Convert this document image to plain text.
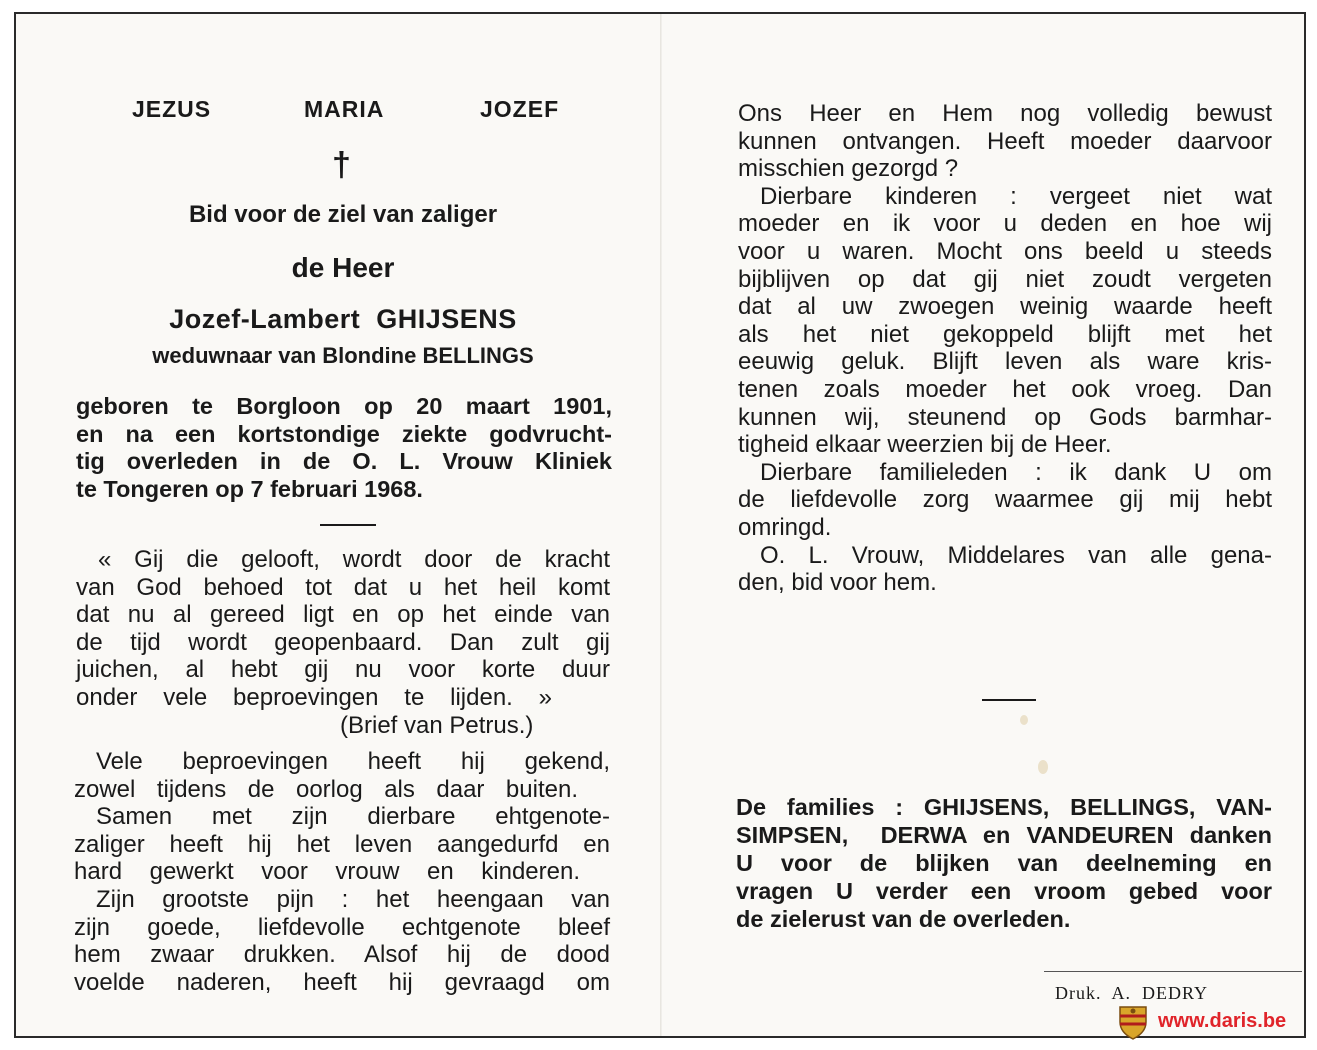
JEZUS	MARIA	JOZEF
†
Bid voor de ziel van zaliger
de Heer
Jozef-Lambert  GHIJSENS
weduwnaar van Blondine BELLINGS
geboren te Borgloon op 20 maart 1901,
en na een kortstondige ziekte godvrucht-
tig overleden in de O. L. Vrouw Kliniek
te Tongeren op 7 februari 1968.
« Gij die gelooft, wordt door de kracht
van God behoed tot dat u het heil komt
dat nu al gereed ligt en op het einde van
de tijd wordt geopenbaard. Dan zult gij
juichen, al hebt gij nu voor korte duur
onder vele beproevingen te lijden. »
(Brief van Petrus.)
Vele beproevingen heeft hij gekend,
zowel tijdens de oorlog als daar buiten.
Samen met zijn dierbare ehtgenote-
zaliger heeft hij het leven aangedurfd en
hard gewerkt voor vrouw en kinderen.
Zijn grootste pijn : het heengaan van
zijn goede, liefdevolle echtgenote bleef
hem zwaar drukken. Alsof hij de dood
voelde naderen, heeft hij gevraagd om
Ons Heer en Hem nog volledig bewust
kunnen ontvangen. Heeft moeder daarvoor
misschien gezorgd ?
Dierbare kinderen : vergeet niet wat
moeder en ik voor u deden en hoe wij
voor u waren. Mocht ons beeld u steeds
bijblijven op dat gij niet zoudt vergeten
dat al uw zwoegen weinig waarde heeft
als het niet gekoppeld blijft met het
eeuwig geluk. Blijft leven als ware kris-
tenen zoals moeder het ook vroeg. Dan
kunnen wij, steunend op Gods barmhar-
tigheid elkaar weerzien bij de Heer.
Dierbare familieleden : ik dank U om
de liefdevolle zorg waarmee gij mij hebt
omringd.
O. L. Vrouw, Middelares van alle gena-
den, bid voor hem.
De families : GHIJSENS, BELLINGS, VAN-
SIMPSEN,  DERWA en VANDEUREN danken
U voor de blijken van deelneming en
vragen U verder een vroom gebed voor
de zielerust van de overleden.
Druk.  A.  DEDRY
www.daris.be
